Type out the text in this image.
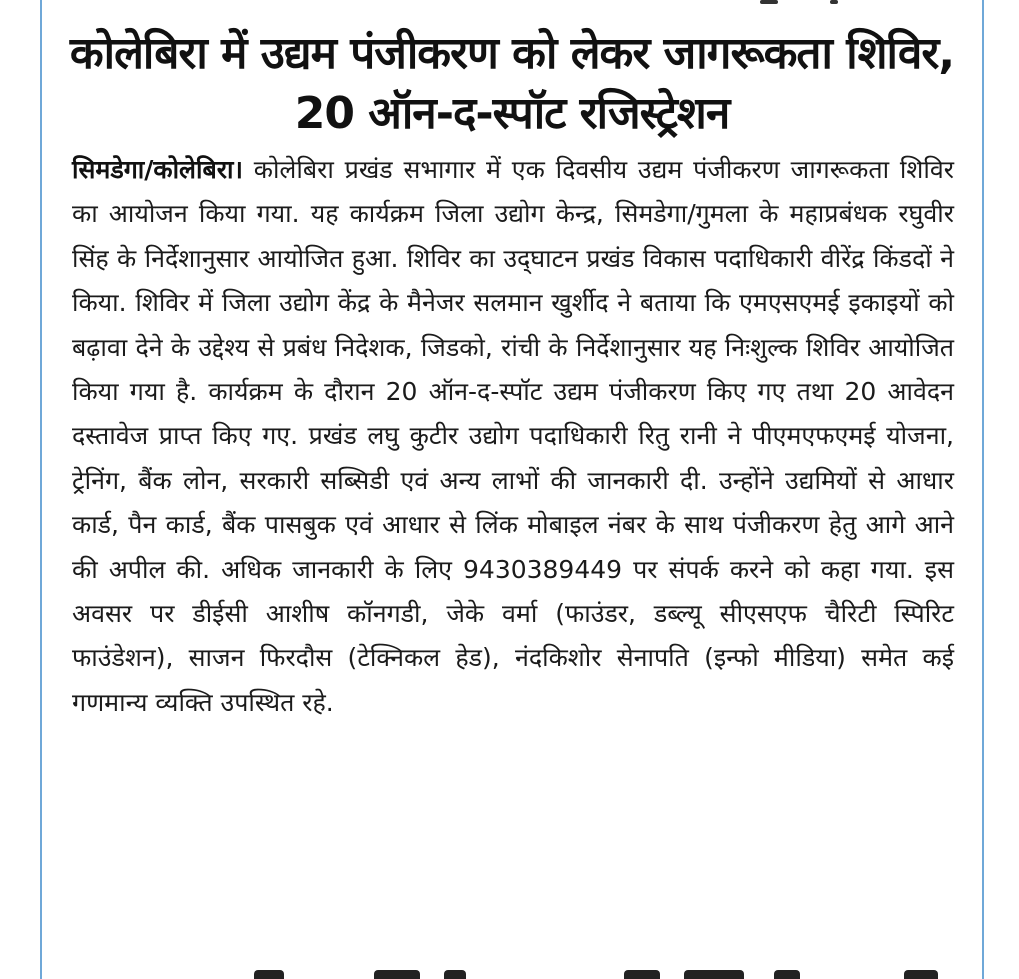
कोलेबिरा में उद्यम पंजीकरण को लेकर जागरूकता शिविर, 20 ऑन-द-स्पॉट रजिस्ट्रेशन

सिमडेगा/कोलेबिरा। कोलेबिरा प्रखंड सभागार में एक दिवसीय उद्यम पंजीकरण जागरूकता शिविर का आयोजन किया गया. यह कार्यक्रम जिला उद्योग केन्द्र, सिमडेगा/गुमला के महाप्रबंधक रघुवीर सिंह के निर्देशानुसार आयोजित हुआ. शिविर का उद्‌घाटन प्रखंड विकास पदाधिकारी वीरेंद्र किंडदों ने किया. शिविर में जिला उद्योग केंद्र के मैनेजर सलमान खुर्शीद ने बताया कि एमएसएमई इकाइयों को बढ़ावा देने के उद्देश्य से प्रबंध निदेशक, जिडको, रांची के निर्देशानुसार यह निःशुल्क शिविर आयोजित किया गया है. कार्यक्रम के दौरान 20 ऑन-द-स्पॉट उद्यम पंजीकरण किए गए तथा 20 आवेदन दस्तावेज प्राप्त किए गए. प्रखंड लघु कुटीर उद्योग पदाधिकारी रितु रानी ने पीएमएफएमई योजना, ट्रेनिंग, बैंक लोन, सरकारी सब्सिडी एवं अन्य लाभों की जानकारी दी. उन्होंने उद्यमियों से आधार कार्ड, पैन कार्ड, बैंक पासबुक एवं आधार से लिंक मोबाइल नंबर के साथ पंजीकरण हेतु आगे आने की अपील की. अधिक जानकारी के लिए 9430389449 पर संपर्क करने को कहा गया. इस अवसर पर डीईसी आशीष कॉनगडी, जेके वर्मा (फाउंडर, डब्ल्यू सीएसएफ चैरिटी स्पिरिट फाउंडेशन), साजन फिरदौस (टेक्निकल हेड), नंदकिशोर सेनापति (इन्फो मीडिया) समेत कई गणमान्य व्यक्ति उपस्थित रहे.
